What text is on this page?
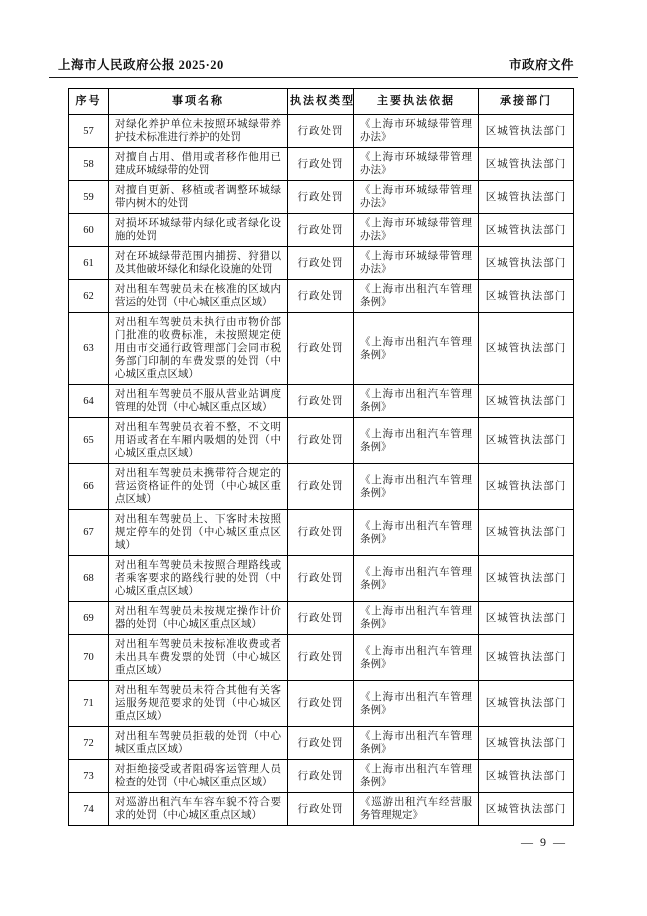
上海市人民政府公报 2025·20	市政府文件
序号	事项名称	执法权类型	主要执法依据	承接部门
57	对绿化养护单位未按照环城绿带养护技术标准进行养护的处罚	行政处罚	《上海市环城绿带管理办法》	区城管执法部门
58	对擅自占用、借用或者移作他用已建成环城绿带的处罚	行政处罚	《上海市环城绿带管理办法》	区城管执法部门
59	对擅自更新、移植或者调整环城绿带内树木的处罚	行政处罚	《上海市环城绿带管理办法》	区城管执法部门
60	对损坏环城绿带内绿化或者绿化设施的处罚	行政处罚	《上海市环城绿带管理办法》	区城管执法部门
61	对在环城绿带范围内捕捞、狩猎以及其他破坏绿化和绿化设施的处罚	行政处罚	《上海市环城绿带管理办法》	区城管执法部门
62	对出租车驾驶员未在核准的区域内营运的处罚（中心城区重点区域）	行政处罚	《上海市出租汽车管理条例》	区城管执法部门
63	对出租车驾驶员未执行由市物价部门批准的收费标准，未按照规定使用由市交通行政管理部门会同市税务部门印制的车费发票的处罚（中心城区重点区域）	行政处罚	《上海市出租汽车管理条例》	区城管执法部门
64	对出租车驾驶员不服从营业站调度管理的处罚（中心城区重点区域）	行政处罚	《上海市出租汽车管理条例》	区城管执法部门
65	对出租车驾驶员衣着不整，不文明用语或者在车厢内吸烟的处罚（中心城区重点区域）	行政处罚	《上海市出租汽车管理条例》	区城管执法部门
66	对出租车驾驶员未携带符合规定的营运资格证件的处罚（中心城区重点区域）	行政处罚	《上海市出租汽车管理条例》	区城管执法部门
67	对出租车驾驶员上、下客时未按照规定停车的处罚（中心城区重点区域）	行政处罚	《上海市出租汽车管理条例》	区城管执法部门
68	对出租车驾驶员未按照合理路线或者乘客要求的路线行驶的处罚（中心城区重点区域）	行政处罚	《上海市出租汽车管理条例》	区城管执法部门
69	对出租车驾驶员未按规定操作计价器的处罚（中心城区重点区域）	行政处罚	《上海市出租汽车管理条例》	区城管执法部门
70	对出租车驾驶员未按标准收费或者未出具车费发票的处罚（中心城区重点区域）	行政处罚	《上海市出租汽车管理条例》	区城管执法部门
71	对出租车驾驶员未符合其他有关客运服务规范要求的处罚（中心城区重点区域）	行政处罚	《上海市出租汽车管理条例》	区城管执法部门
72	对出租车驾驶员拒载的处罚（中心城区重点区域）	行政处罚	《上海市出租汽车管理条例》	区城管执法部门
73	对拒绝接受或者阻碍客运管理人员检查的处罚（中心城区重点区域）	行政处罚	《上海市出租汽车管理条例》	区城管执法部门
74	对巡游出租汽车车容车貌不符合要求的处罚（中心城区重点区域）	行政处罚	《巡游出租汽车经营服务管理规定》	区城管执法部门
— 9 —
